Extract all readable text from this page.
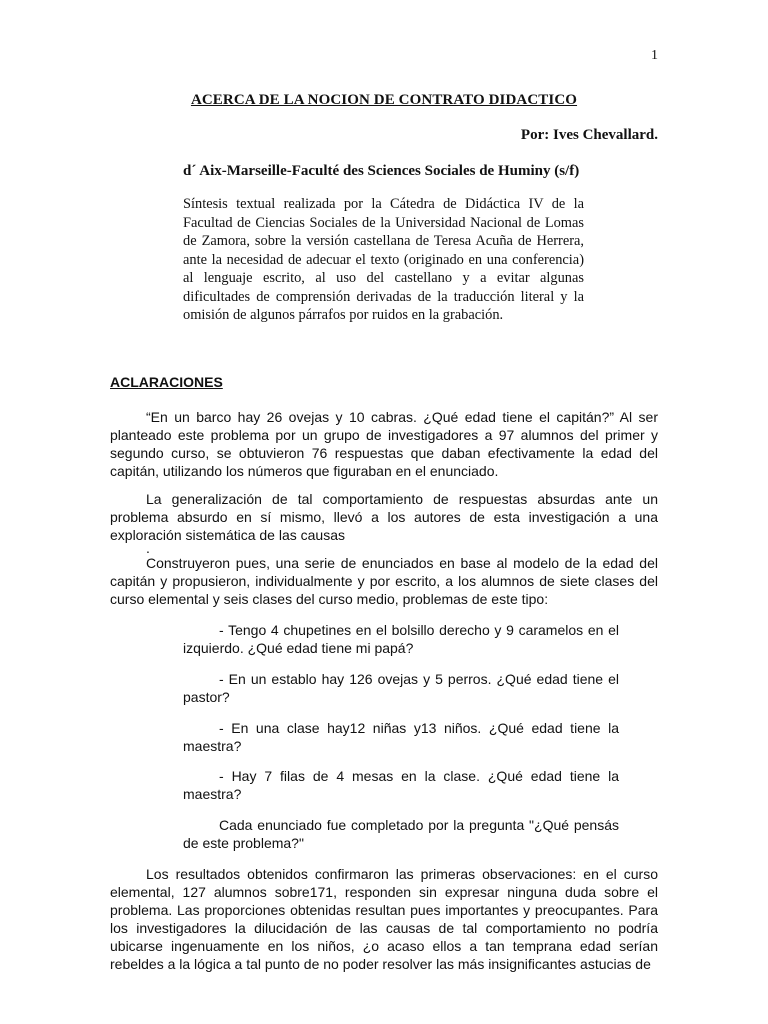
1
ACERCA DE LA NOCION DE CONTRATO DIDACTICO
Por: Ives Chevallard.
d´ Aix-Marseille-Faculté des Sciences Sociales de Huminy (s/f)

Síntesis textual realizada por la Cátedra de Didáctica IV de la Facultad de Ciencias Sociales de la Universidad Nacional de Lomas de Zamora, sobre la versión castellana de Teresa Acuña de Herrera, ante la necesidad de adecuar el texto (originado en una conferencia) al lenguaje escrito, al uso del castellano y a evitar algunas dificultades de comprensión derivadas de la traducción literal y la omisión de algunos párrafos por ruidos en la grabación.

ACLARACIONES

“En un barco hay 26 ovejas y 10 cabras. ¿Qué edad tiene el capitán?” Al ser planteado este problema por un grupo de investigadores a 97 alumnos del primer y segundo curso, se obtuvieron 76 respuestas que daban efectivamente la edad del capitán, utilizando los números que figuraban en el enunciado.

La generalización de tal comportamiento de respuestas absurdas ante un problema absurdo en sí mismo, llevó a los autores de esta investigación a una exploración sistemática de las causas

.

Construyeron pues, una serie de enunciados en base al modelo de la edad del capitán y propusieron, individualmente y por escrito, a los alumnos de siete clases del curso elemental y seis clases del curso medio, problemas de este tipo:

- Tengo 4 chupetines en el bolsillo derecho y 9 caramelos en el izquierdo. ¿Qué edad tiene mi papá?

- En un establo hay 126 ovejas y 5 perros. ¿Qué edad tiene el pastor?

- En una clase hay12 niñas y13 niños. ¿Qué edad tiene la maestra?

- Hay 7 filas de 4 mesas en la clase. ¿Qué edad tiene la maestra?

Cada enunciado fue completado por la pregunta "¿Qué pensás de este problema?"

Los resultados obtenidos confirmaron las primeras observaciones: en el curso elemental, 127 alumnos sobre171, responden sin expresar ninguna duda sobre el problema. Las proporciones obtenidas resultan pues importantes y preocupantes. Para los investigadores la dilucidación de las causas de tal comportamiento no podría ubicarse ingenuamente en los niños, ¿o acaso ellos a tan temprana edad serían rebeldes a la lógica a tal punto de no poder resolver las más insignificantes astucias de
